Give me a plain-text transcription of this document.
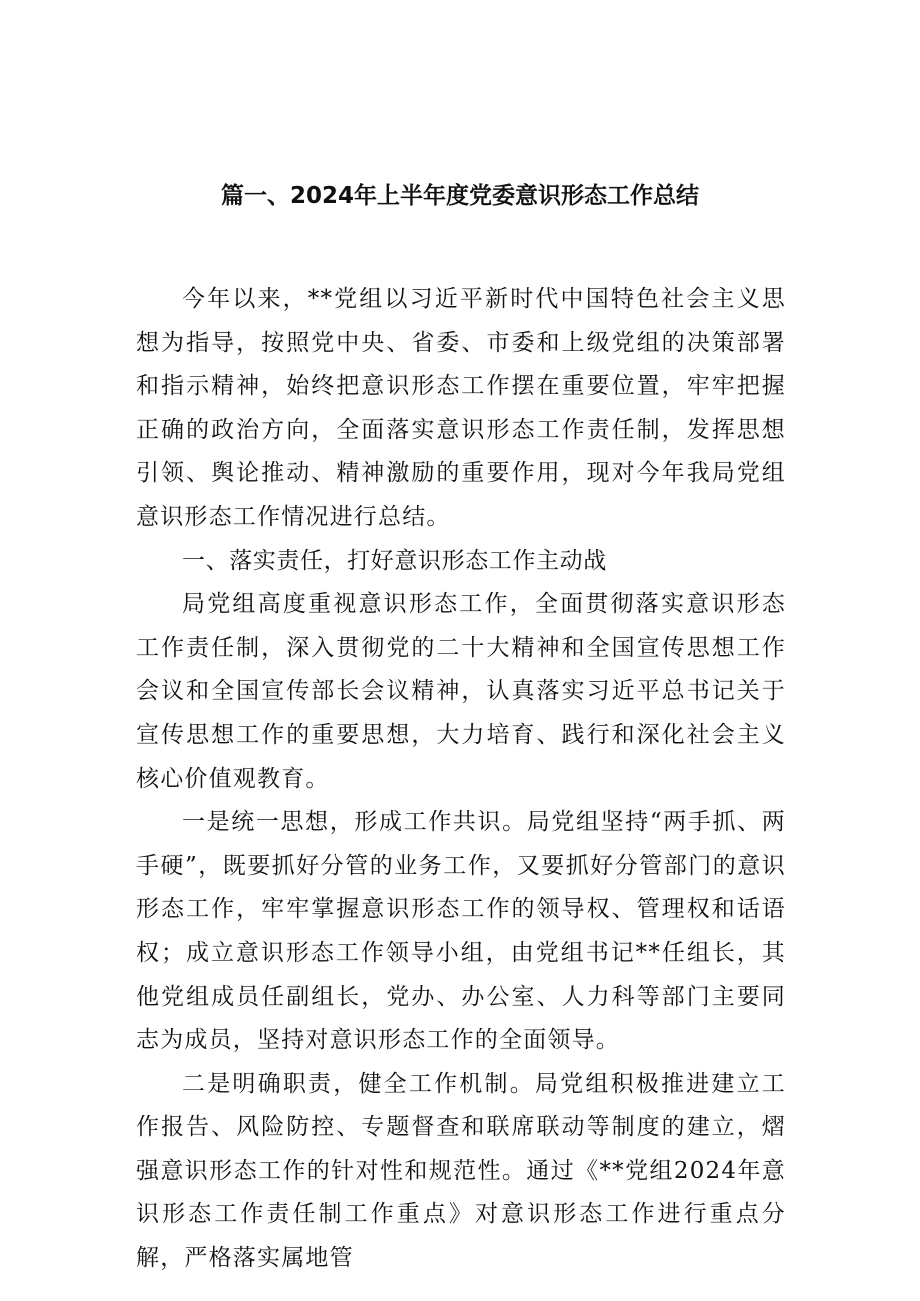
篇一、2024年上半年度党委意识形态工作总结

今年以来，**党组以习近平新时代中国特色社会主义思想为指导，按照党中央、省委、市委和上级党组的决策部署和指示精神，始终把意识形态工作摆在重要位置，牢牢把握正确的政治方向，全面落实意识形态工作责任制，发挥思想引领、舆论推动、精神激励的重要作用，现对今年我局党组意识形态工作情况进行总结。

一、落实责任，打好意识形态工作主动战

局党组高度重视意识形态工作，全面贯彻落实意识形态工作责任制，深入贯彻党的二十大精神和全国宣传思想工作会议和全国宣传部长会议精神，认真落实习近平总书记关于宣传思想工作的重要思想，大力培育、践行和深化社会主义核心价值观教育。

一是统一思想，形成工作共识。局党组坚持“两手抓、两手硬”，既要抓好分管的业务工作，又要抓好分管部门的意识形态工作，牢牢掌握意识形态工作的领导权、管理权和话语权；成立意识形态工作领导小组，由党组书记**任组长，其他党组成员任副组长，党办、办公室、人力科等部门主要同志为成员，坚持对意识形态工作的全面领导。

二是明确职责，健全工作机制。局党组积极推进建立工作报告、风险防控、专题督查和联席联动等制度的建立，熠强意识形态工作的针对性和规范性。通过《**党组2024年意识形态工作责任制工作重点》对意识形态工作进行重点分解，严格落实属地管
